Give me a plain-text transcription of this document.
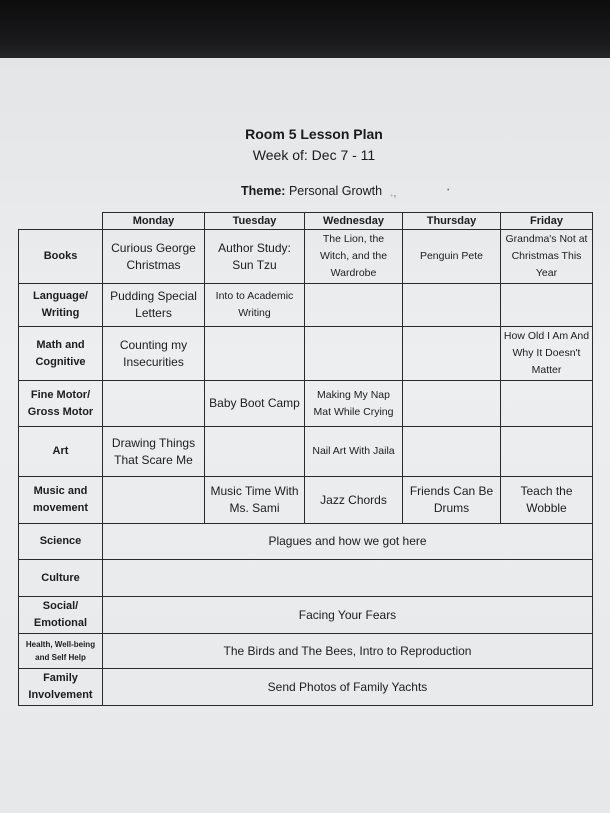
Room 5 Lesson Plan
Week of: Dec 7 - 11
Theme: Personal Growth ⁺ⁿ
•
	Monday	Tuesday	Wednesday	Thursday	Friday
Books	Curious George Christmas	Author Study: Sun Tzu	The Lion, the Witch, and the Wardrobe	Penguin Pete	Grandma's Not at Christmas This Year
Language/ Writing	Pudding Special Letters	Into to Academic Writing			
Math and Cognitive	Counting my Insecurities				How Old I Am And Why It Doesn't Matter
Fine Motor/ Gross Motor		Baby Boot Camp	Making My Nap Mat While Crying		
Art	Drawing Things That Scare Me		Nail Art With Jaila		
Music and movement		Music Time With Ms. Sami	Jazz Chords	Friends Can Be Drums	Teach the Wobble
Science	Plagues and how we got here				
Culture					
Social/ Emotional	Facing Your Fears				
Health, Well-being and Self Help	The Birds and The Bees, Intro to Reproduction				
Family Involvement	Send Photos of Family Yachts				
